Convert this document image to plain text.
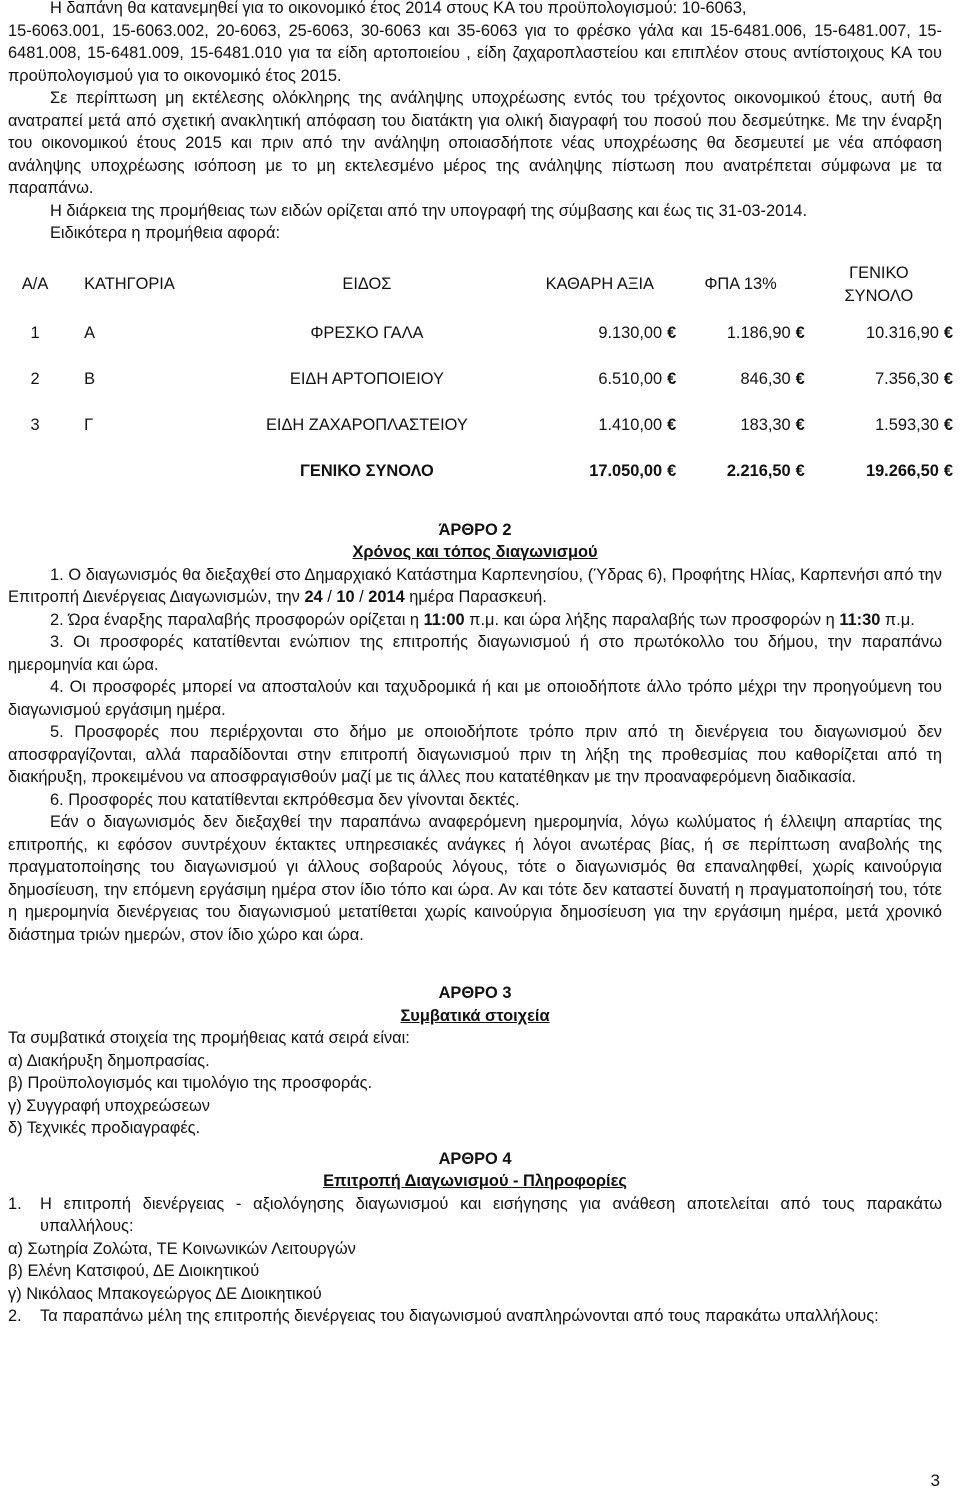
Η δαπάνη θα κατανεμηθεί για το οικονομικό έτος 2014 στους ΚΑ του προϋπολογισμού: 10-6063,

15-6063.001, 15-6063.002, 20-6063, 25-6063, 30-6063 και 35-6063 για το φρέσκο γάλα και 15-6481.006, 15-6481.007, 15-6481.008, 15-6481.009, 15-6481.010 για τα είδη αρτοποιείου , είδη ζαχαροπλαστείου και επιπλέον στους αντίστοιχους ΚΑ του προϋπολογισμού για το οικονομικό έτος 2015.

Σε περίπτωση μη εκτέλεσης ολόκληρης της ανάληψης υποχρέωσης εντός του τρέχοντος οικονομικού έτους, αυτή θα ανατραπεί μετά από σχετική ανακλητική απόφαση του διατάκτη για ολική διαγραφή του ποσού που δεσμεύτηκε. Με την έναρξη του οικονομικού έτους 2015 και πριν από την ανάληψη οποιασδήποτε νέας υποχρέωσης θα δεσμευτεί με νέα απόφαση ανάληψης υποχρέωσης ισόποση με το μη εκτελεσμένο μέρος της ανάληψης πίστωση που ανατρέπεται σύμφωνα με τα παραπάνω.

Η διάρκεια της προμήθειας των ειδών ορίζεται από την υπογραφή της σύμβασης και έως τις 31-03-2014.

Ειδικότερα η προμήθεια αφορά:

Α/Α	ΚΑΤΗΓΟΡΙΑ	ΕΙΔΟΣ	ΚΑΘΑΡΗ ΑΞΙΑ	ΦΠΑ 13%	ΓΕΝΙΚΟ
ΣΥΝΟΛΟ
1	Α	ΦΡΕΣΚΟ ΓΑΛΑ	9.130,00 €	1.186,90 €	10.316,90 €
2	Β	ΕΙΔΗ ΑΡΤΟΠΟΙΕΙΟΥ	6.510,00 €	846,30 €	7.356,30 €
3	Γ	ΕΙΔΗ ΖΑΧΑΡΟΠΛΑΣΤΕΙΟΥ	1.410,00 €	183,30 €	1.593,30 €
		ΓΕΝΙΚΟ ΣΥΝΟΛΟ	17.050,00 €	2.216,50 €	19.266,50 €

ΆΡΘΡΟ 2

Χρόνος και τόπος διαγωνισμού

1. Ο διαγωνισμός θα διεξαχθεί στο Δημαρχιακό Κατάστημα Καρπενησίου, (Ύδρας 6), Προφήτης Ηλίας, Καρπενήσι από την Επιτροπή Διενέργειας Διαγωνισμών, την 24 / 10 / 2014 ημέρα Παρασκευή.

2. Ώρα έναρξης παραλαβής προσφορών ορίζεται η 11:00 π.μ. και ώρα λήξης παραλαβής των προσφορών η 11:30 π.μ.

3. Οι προσφορές κατατίθενται ενώπιον της επιτροπής διαγωνισμού ή στο πρωτόκολλο του δήμου, την παραπάνω ημερομηνία και ώρα.

4. Οι προσφορές μπορεί να αποσταλούν και ταχυδρομικά ή και με οποιοδήποτε άλλο τρόπο μέχρι την προηγούμενη του διαγωνισμού εργάσιμη ημέρα.

5. Προσφορές που περιέρχονται στο δήμο με οποιοδήποτε τρόπο πριν από τη διενέργεια του διαγωνισμού δεν αποσφραγίζονται, αλλά παραδίδονται στην επιτροπή διαγωνισμού πριν τη λήξη της προθεσμίας που καθορίζεται από τη διακήρυξη, προκειμένου να αποσφραγισθούν μαζί με τις άλλες που κατατέθηκαν με την προαναφερόμενη διαδικασία.

6. Προσφορές που κατατίθενται εκπρόθεσμα δεν γίνονται δεκτές.

Εάν ο διαγωνισμός δεν διεξαχθεί την παραπάνω αναφερόμενη ημερομηνία, λόγω κωλύματος ή έλλειψη απαρτίας της επιτροπής, κι εφόσον συντρέχουν έκτακτες υπηρεσιακές ανάγκες ή λόγοι ανωτέρας βίας, ή σε περίπτωση αναβολής της πραγματοποίησης του διαγωνισμού γι άλλους σοβαρούς λόγους, τότε ο διαγωνισμός θα επαναληφθεί, χωρίς καινούργια δημοσίευση, την επόμενη εργάσιμη ημέρα στον ίδιο τόπο και ώρα. Αν και τότε δεν καταστεί δυνατή η πραγματοποίησή του, τότε η ημερομηνία διενέργειας του διαγωνισμού μετατίθεται χωρίς καινούργια δημοσίευση για την εργάσιμη ημέρα, μετά χρονικό διάστημα τριών ημερών, στον ίδιο χώρο και ώρα.

ΑΡΘΡΟ 3

Συμβατικά στοιχεία

Τα συμβατικά στοιχεία της προμήθειας κατά σειρά είναι:

α) Διακήρυξη δημοπρασίας.

β) Προϋπολογισμός και τιμολόγιο της προσφοράς.

γ) Συγγραφή υποχρεώσεων

δ) Τεχνικές προδιαγραφές.

ΑΡΘΡΟ 4

Επιτροπή Διαγωνισμού - Πληροφορίες

1.	Η επιτροπή διενέργειας - αξιολόγησης διαγωνισμού και εισήγησης για ανάθεση αποτελείται από τους παρακάτω υπαλλήλους:

α) Σωτηρία Ζολώτα, ΤΕ Κοινωνικών Λειτουργών

β) Ελένη Κατσιφού, ΔΕ Διοικητικού

γ) Νικόλαος Μπακογεώργος ΔΕ Διοικητικού

2.	Τα παραπάνω μέλη της επιτροπής διενέργειας του διαγωνισμού αναπληρώνονται από τους παρακάτω υπαλλήλους:
3
